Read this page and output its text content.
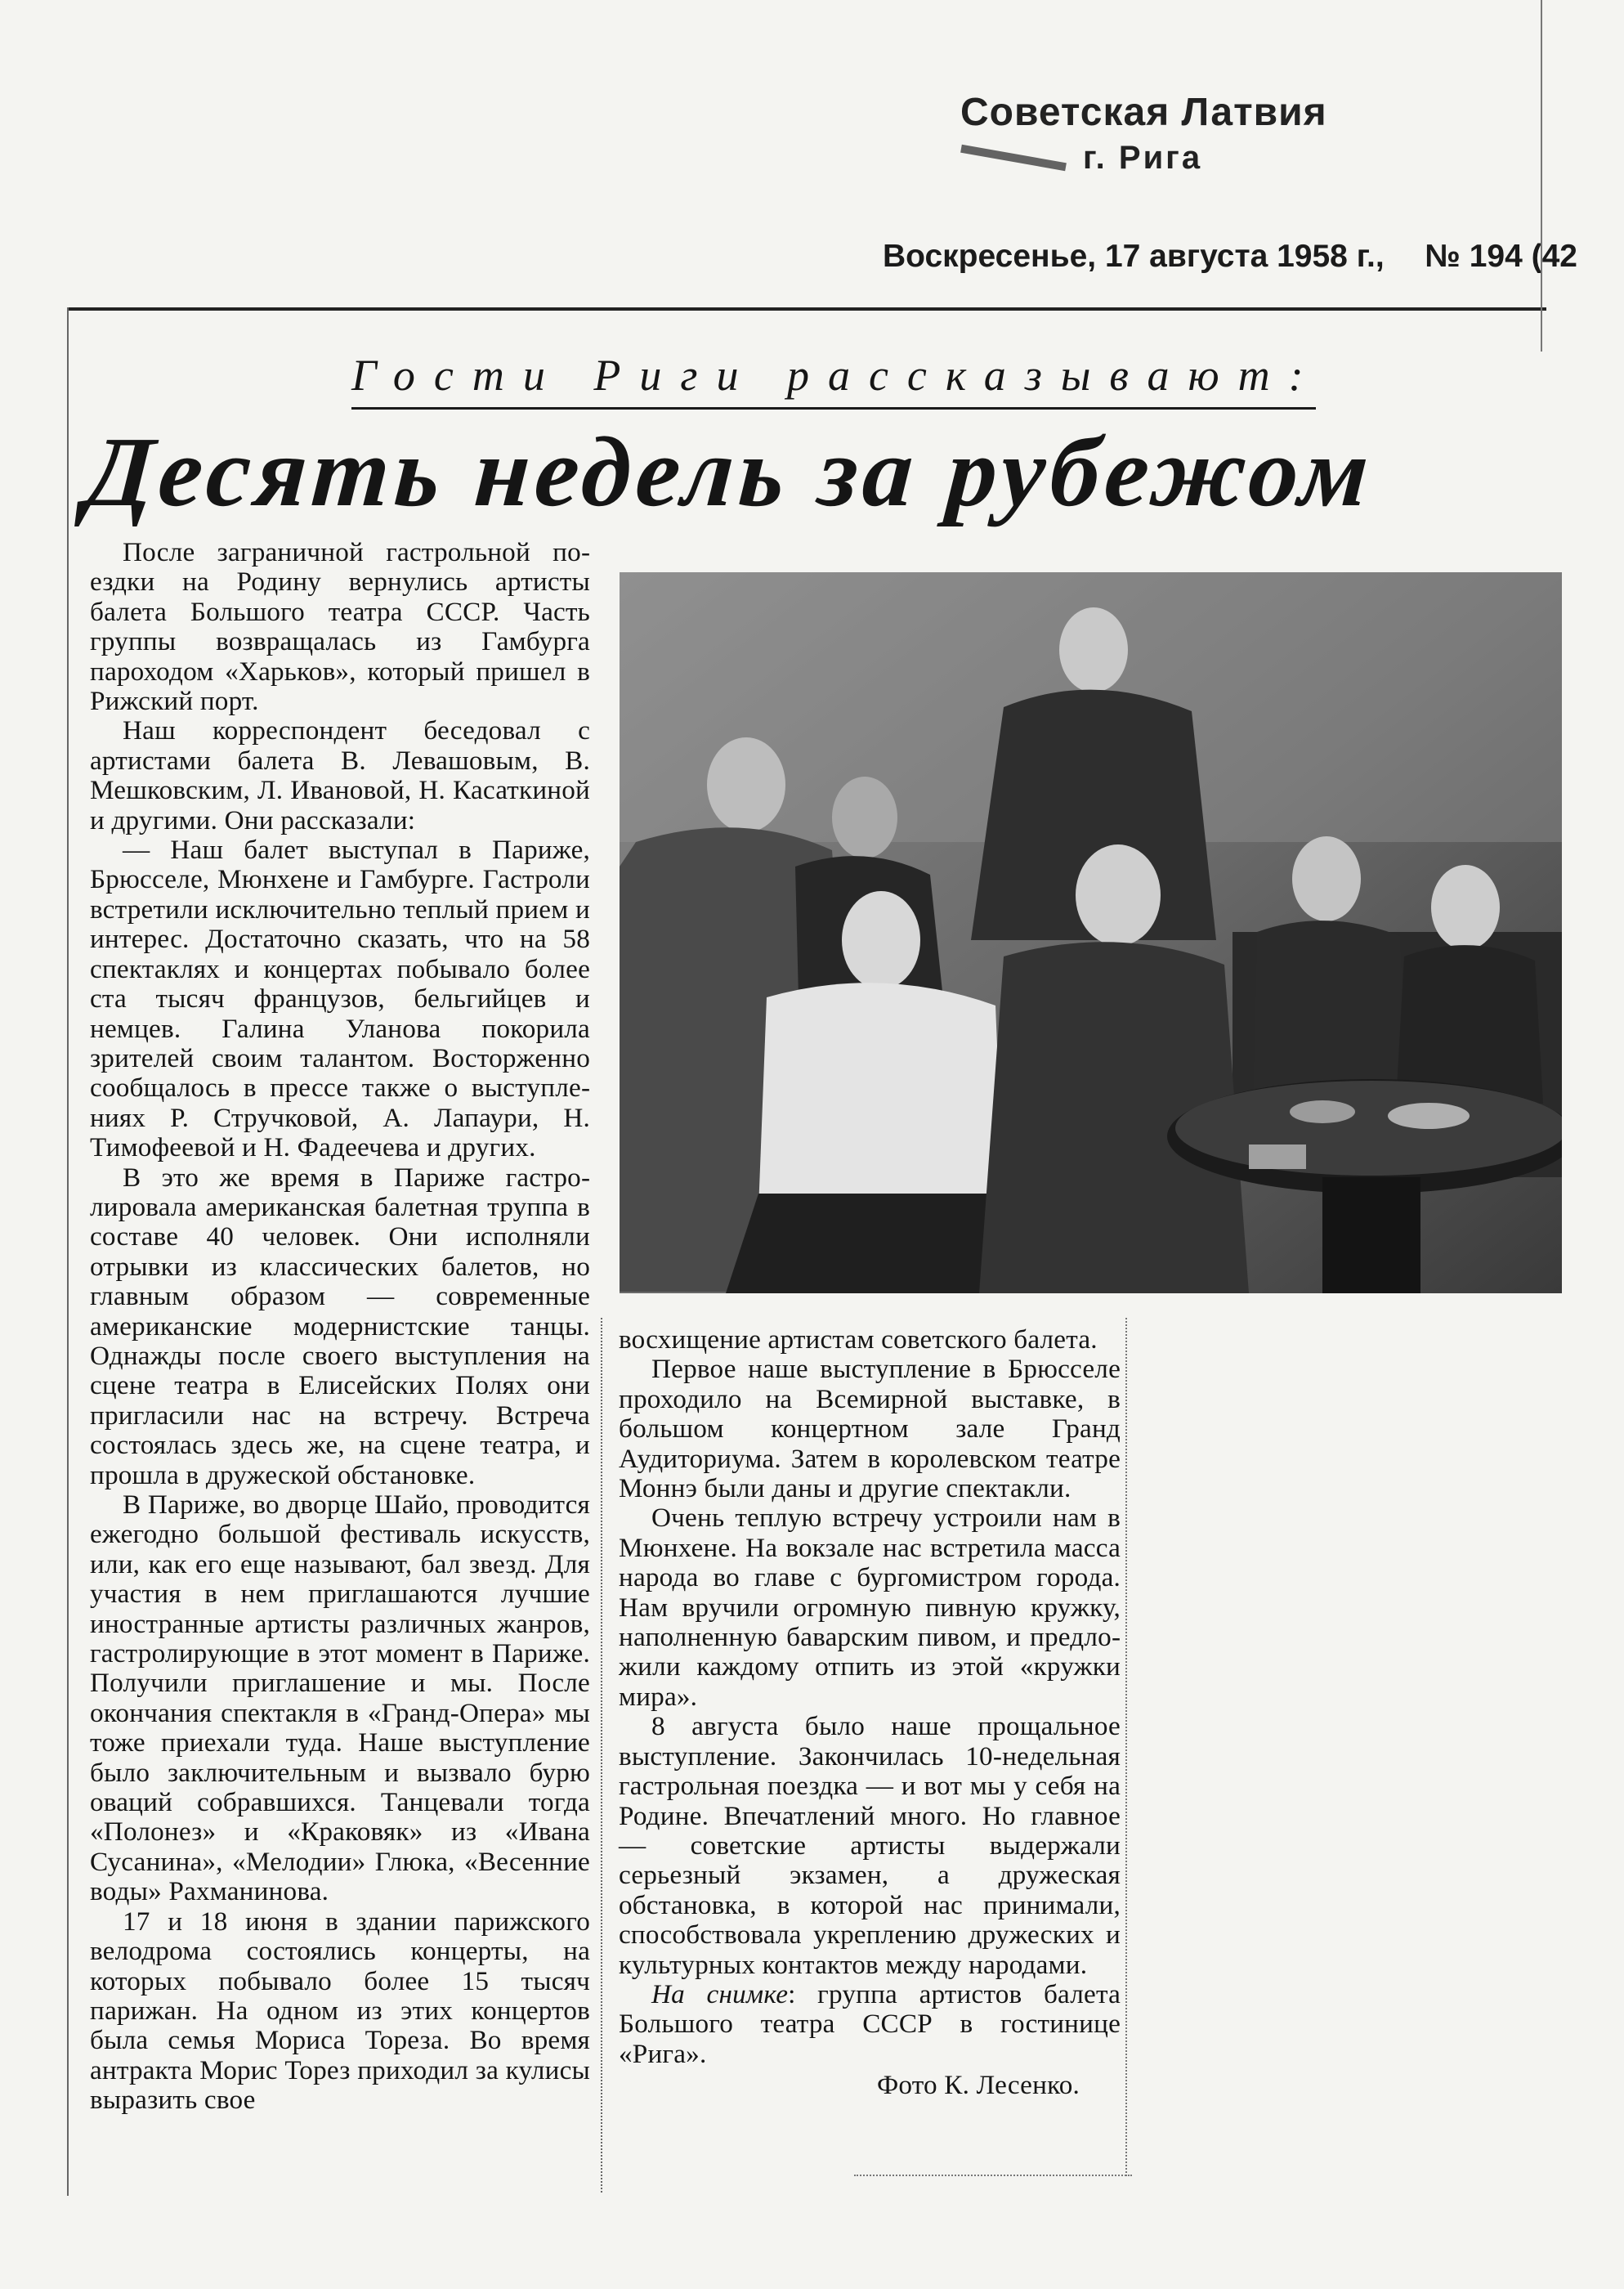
Советская Латвия
г. Рига
Воскресенье, 17 августа 1958 г., № 194 (42
Гости Риги рассказывают:
Десять недель за рубежом

После заграничной гастрольной поездки на Родину вернулись артисты балета Большого театра СССР. Часть группы возвращалась из Гамбурга пароходом «Харьков», который пришел в Рижский порт.

Наш корреспондент беседовал с артистами балета В. Левашовым, В. Мешковским, Л. Ивановой, Н. Касаткиной и другими. Они рассказали:

— Наш балет выступал в Париже, Брюсселе, Мюнхене и Гамбурге. Гастроли встретили исключительно теплый прием и интерес. Достаточно сказать, что на 58 спектаклях и концертах побывало более ста тысяч французов, бельгийцев и немцев. Галина Уланова покорила зрителей своим талантом. Восторженно сообщалось в прессе также о выступлениях Р. Стручковой, А. Лапаури, Н. Тимофеевой и Н. Фадеечева и других.

В это же время в Париже гастролировала американская балетная труппа в составе 40 человек. Они исполняли отрывки из классических балетов, но главным образом — современные американские модернистские танцы. Однажды после своего выступления на сцене театра в Елисейских Полях они пригласили нас на встречу. Встреча состоялась здесь же, на сцене театра, и прошла в дружеской обстановке.

В Париже, во дворце Шайо, проводится ежегодно большой фестиваль искусств, или, как его еще называют, бал звезд. Для участия в нем приглашаются лучшие иностранные артисты различных жанров, гастролирующие в этот момент в Париже. Получили приглашение и мы. После окончания спектакля в «Гранд-Опера» мы тоже приехали туда. Наше выступление было заключительным и вызвало бурю оваций собравшихся. Танцевали тогда «Полонез» и «Краковяк» из «Ивана Сусанина», «Мелодии» Глюка, «Весенние воды» Рахманинова.

17 и 18 июня в здании парижского велодрома состоялись концерты, на которых побывало более 15 тысяч парижан. На одном из этих концертов была семья Мориса Тореза. Во время антракта Морис Торез приходил за кулисы выразить свое

восхищение артистам советского балета.

Первое наше выступление в Брюсселе проходило на Всемирной выставке, в большом концертном зале Гранд Аудиториума. Затем в королевском театре Моннэ были даны и другие спектакли.

Очень теплую встречу устроили нам в Мюнхене. На вокзале нас встретила масса народа во главе с бургомистром города. Нам вручили огромную пивную кружку, наполненную баварским пивом, и предложили каждому отпить из этой «кружки мира».

8 августа было наше прощальное выступление. Закончилась 10-недельная гастрольная поездка — и вот мы у себя на Родине. Впечатлений много. Но главное — советские артисты выдержали серьезный экзамен, а дружеская обстановка, в которой нас принимали, способствовала укреплению дружеских и культурных контактов между народами.

На снимке: группа артистов балета Большого театра СССР в гостинице «Рига».

Фото К. Лесенко.
